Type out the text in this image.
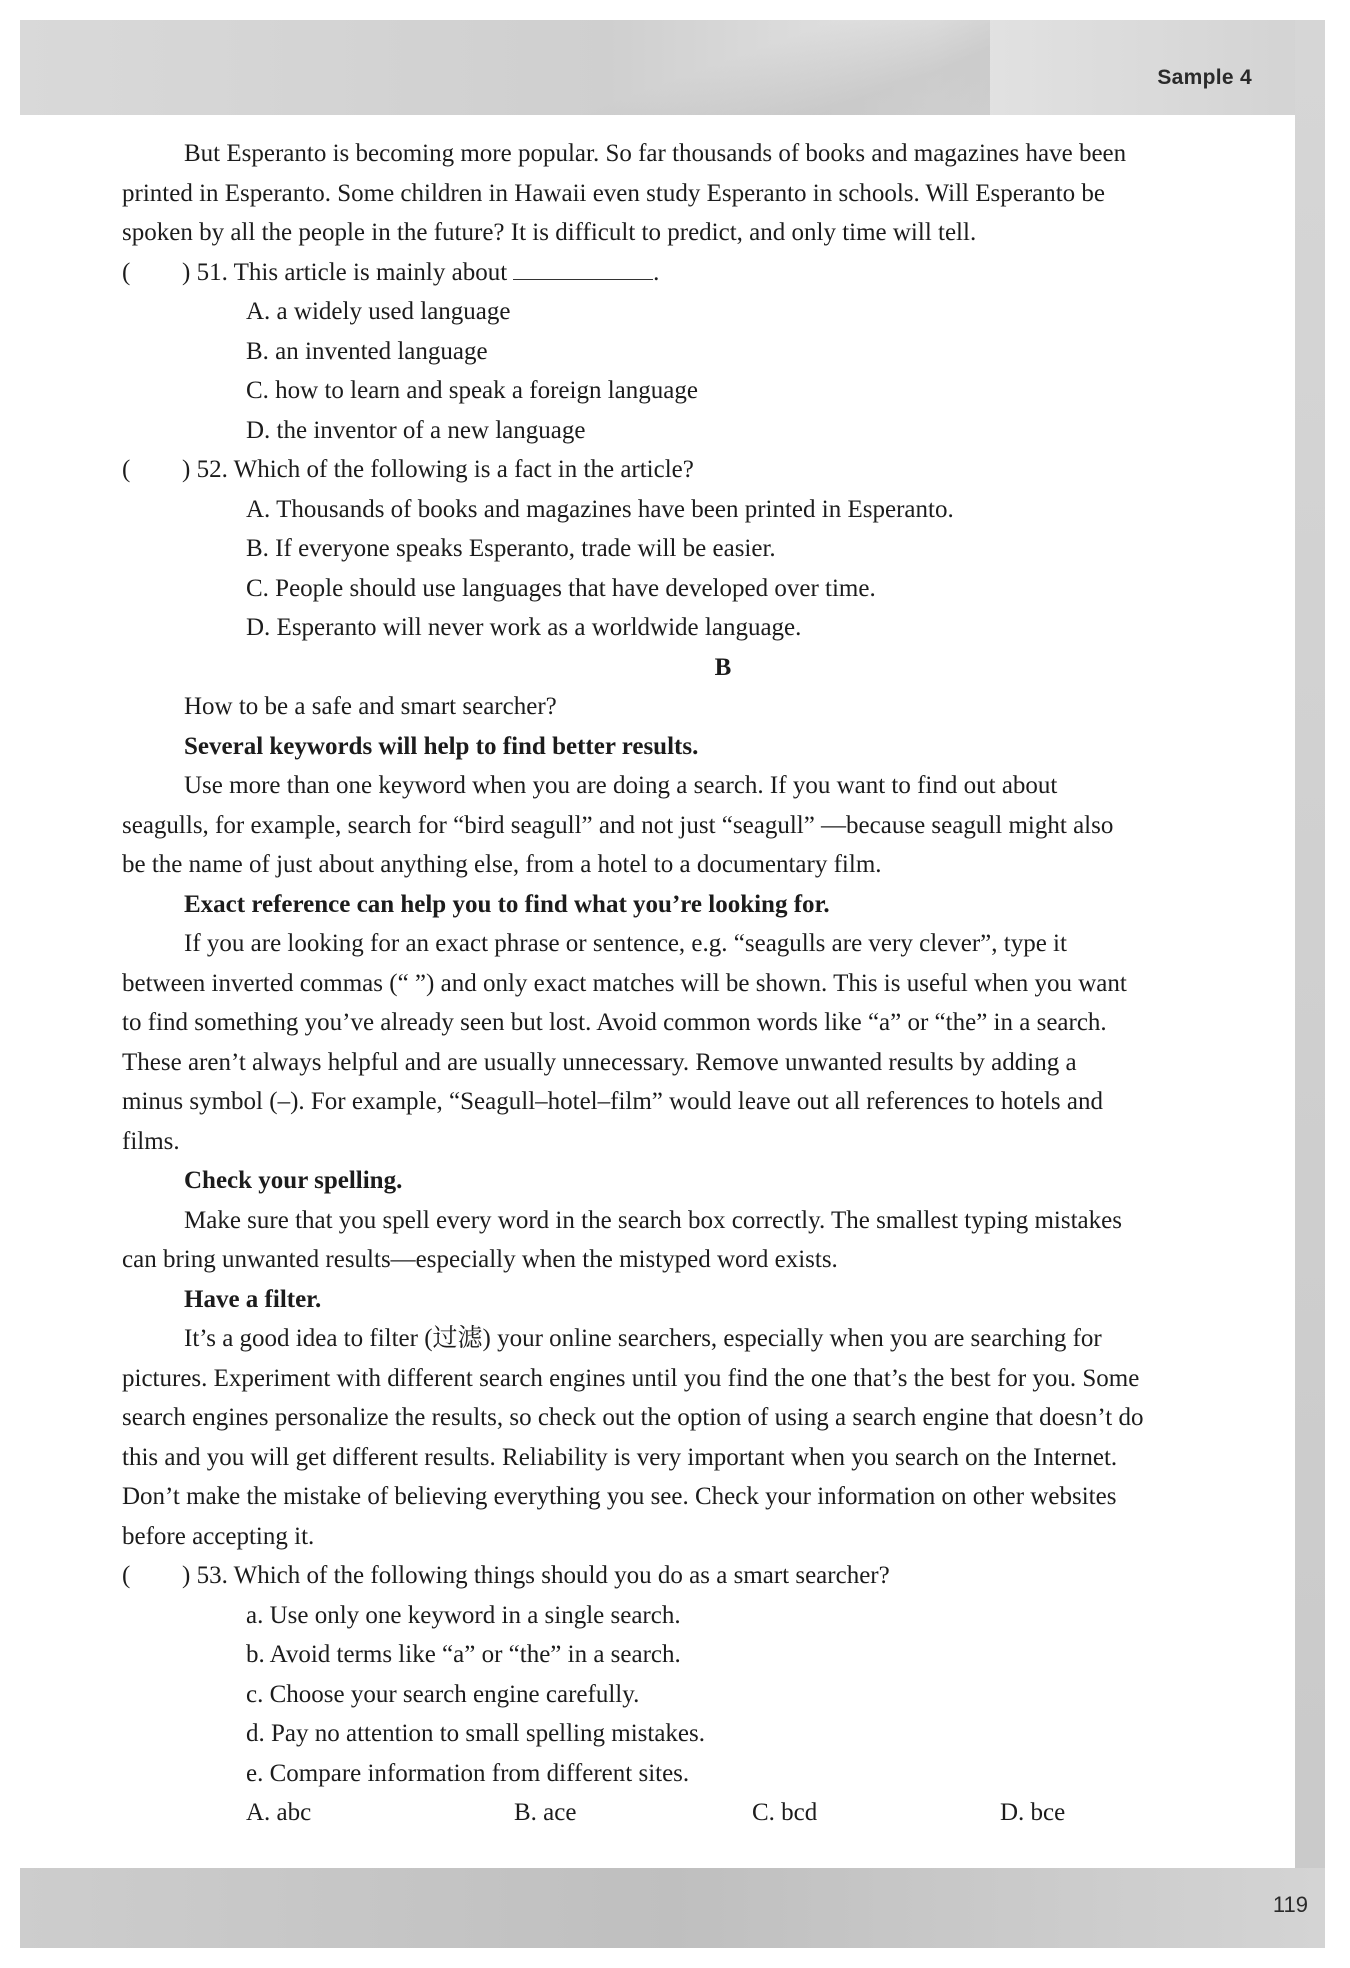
Sample 4
119
But Esperanto is becoming more popular. So far thousands of books and magazines have been
printed in Esperanto. Some children in Hawaii even study Esperanto in schools. Will Esperanto be
spoken by all the people in the future? It is difficult to predict, and only time will tell.
( ) 51. This article is mainly about	.
A. a widely used language
B. an invented language
C. how to learn and speak a foreign language
D. the inventor of a new language
( ) 52. Which of the following is a fact in the article?
A. Thousands of books and magazines have been printed in Esperanto.
B. If everyone speaks Esperanto, trade will be easier.
C. People should use languages that have developed over time.
D. Esperanto will never work as a worldwide language.
B
How to be a safe and smart searcher?
Several keywords will help to find better results.
Use more than one keyword when you are doing a search. If you want to find out about
seagulls, for example, search for “bird seagull” and not just “seagull” —because seagull might also
be the name of just about anything else, from a hotel to a documentary film.
Exact reference can help you to find what you’re looking for.
If you are looking for an exact phrase or sentence, e.g. “seagulls are very clever”, type it
between inverted commas (“ ”) and only exact matches will be shown. This is useful when you want
to find something you’ve already seen but lost. Avoid common words like “a” or “the” in a search.
These aren’t always helpful and are usually unnecessary. Remove unwanted results by adding a
minus symbol (–). For example, “Seagull–hotel–film” would leave out all references to hotels and
films.
Check your spelling.
Make sure that you spell every word in the search box correctly. The smallest typing mistakes
can bring unwanted results—especially when the mistyped word exists.
Have a filter.
It’s a good idea to filter (过滤) your online searchers, especially when you are searching for
pictures. Experiment with different search engines until you find the one that’s the best for you. Some
search engines personalize the results, so check out the option of using a search engine that doesn’t do
this and you will get different results. Reliability is very important when you search on the Internet.
Don’t make the mistake of believing everything you see. Check your information on other websites
before accepting it.
( ) 53. Which of the following things should you do as a smart searcher?
a. Use only one keyword in a single search.
b. Avoid terms like “a” or “the” in a search.
c. Choose your search engine carefully.
d. Pay no attention to small spelling mistakes.
e. Compare information from different sites.
A. abc	B. ace	C. bcd	D. bce
